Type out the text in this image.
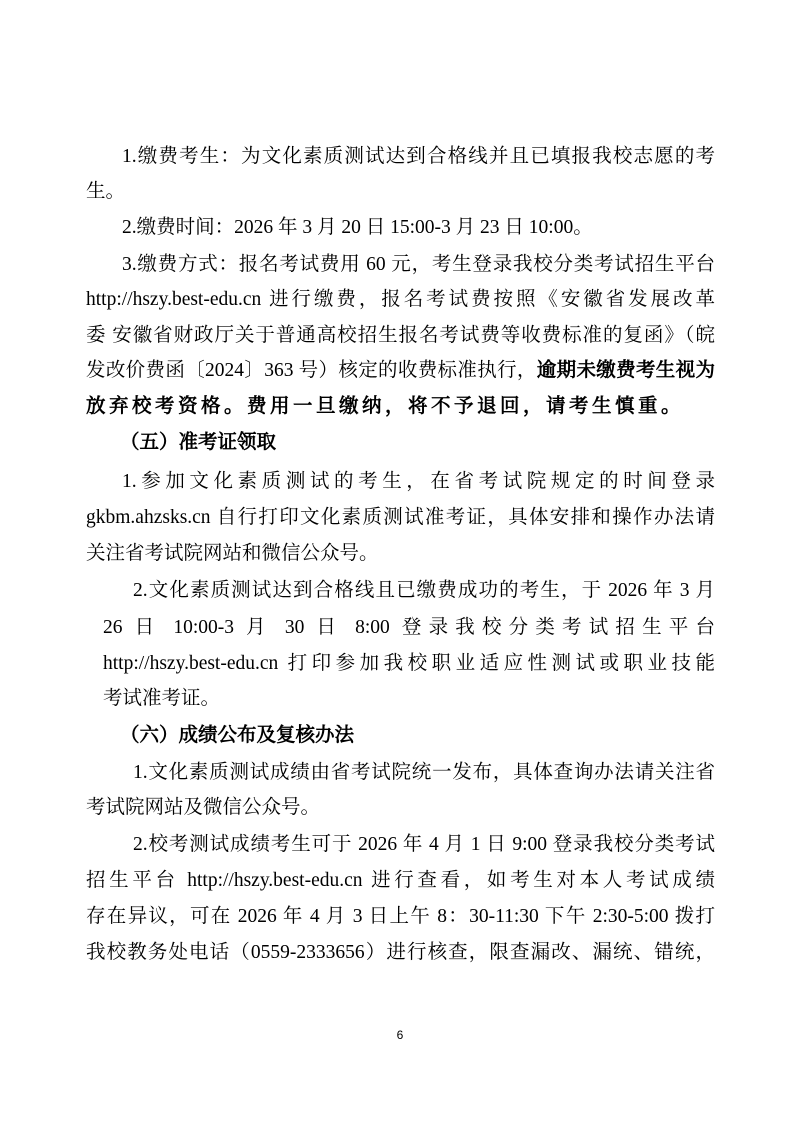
1.缴费考生：为文化素质测试达到合格线并且已填报我校志愿的考
生。
2.缴费时间：2026 年 3 月 20 日 15:00-3 月 23 日 10:00。
3.缴费方式：报名考试费用 60 元，考生登录我校分类考试招生平台
http://hszy.best-edu.cn 进行缴费，报名考试费按照《安徽省发展改革
委 安徽省财政厅关于普通高校招生报名考试费等收费标准的复函》（皖
发改价费函〔2024〕363 号）核定的收费标准执行，逾期未缴费考生视为
放弃校考资格。费用一旦缴纳，将不予退回，请考生慎重。
（五）准考证领取
1.参加文化素质测试的考生，在省考试院规定的时间登录
gkbm.ahzsks.cn 自行打印文化素质测试准考证，具体安排和操作办法请
关注省考试院网站和微信公众号。
2.文化素质测试达到合格线且已缴费成功的考生，于 2026 年 3 月
26 日 10:00-3 月 30 日 8:00 登录我校分类考试招生平台
http://hszy.best-edu.cn 打印参加我校职业适应性测试或职业技能
考试准考证。
（六）成绩公布及复核办法
1.文化素质测试成绩由省考试院统一发布，具体查询办法请关注省
考试院网站及微信公众号。
2.校考测试成绩考生可于 2026 年 4 月 1 日 9:00 登录我校分类考试
招生平台 http://hszy.best-edu.cn 进行查看，如考生对本人考试成绩
存在异议，可在 2026 年 4 月 3 日上午 8：30-11:30 下午 2:30-5:00 拨打
我校教务处电话（0559-2333656）进行核查，限查漏改、漏统、错统，
6
